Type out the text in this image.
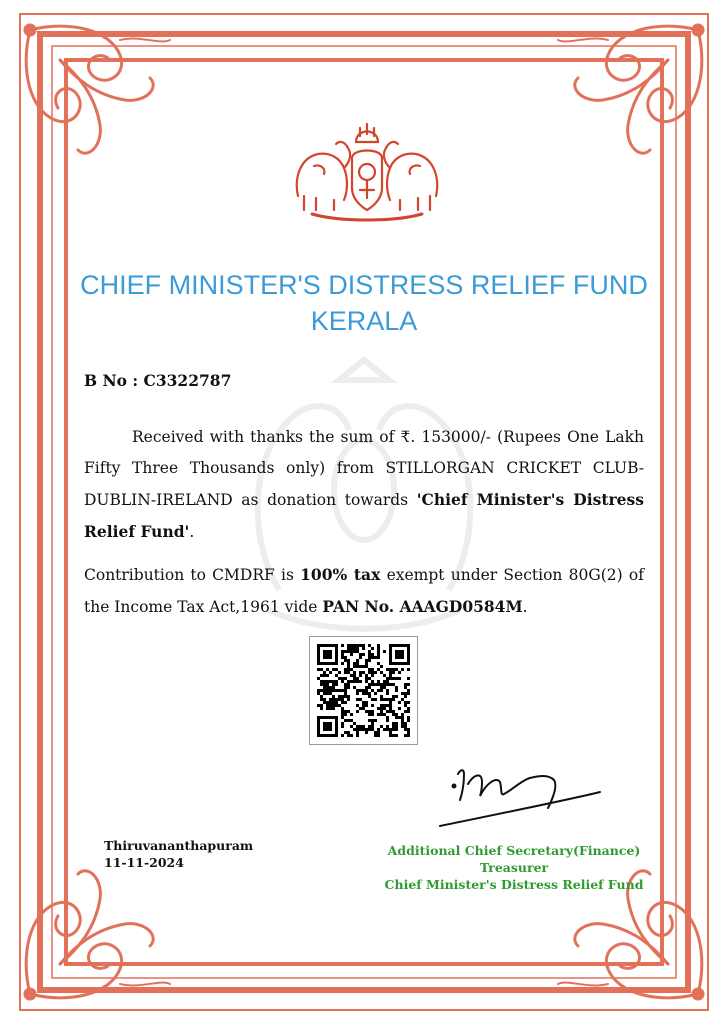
CHIEF MINISTER'S DISTRESS RELIEF FUND
KERALA
B No : C3322787
Received with thanks the sum of ₹. 153000/- (Rupees One Lakh Fifty Three Thousands only) from STILLORGAN CRICKET CLUB-DUBLIN-IRELAND as donation towards 'Chief Minister's Distress Relief Fund'.
Contribution to CMDRF is 100% tax exempt under Section 80G(2) of the Income Tax Act,1961 vide PAN No. AAAGD0584M.
Thiruvananthapuram
11-11-2024
Additional Chief Secretary(Finance)
Treasurer
Chief Minister's Distress Relief Fund
